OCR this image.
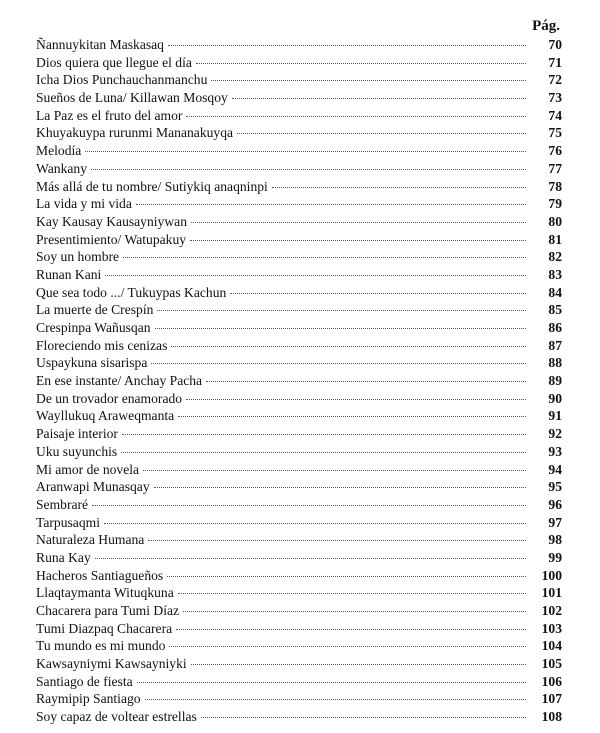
Pág.
Ñannuykitan Maskasaq	70
Dios quiera que llegue el día	71
Icha Dios Punchauchanmanchu	72
Sueños de Luna/ Killawan Mosqoy	73
La Paz es el fruto del amor	74
Khuyakuypa rurunmi Mananakuyqa	75
Melodía	76
Wankany	77
Más allá de tu nombre/ Sutiykiq anaqninpi	78
La vida y mi vida	79
Kay Kausay Kausayniywan	80
Presentimiento/ Watupakuy	81
Soy un hombre	82
Runan Kani	83
Que sea todo .../ Tukuypas Kachun	84
La muerte de Crespín	85
Crespinpa Wañusqan	86
Floreciendo mis cenizas	87
Uspaykuna sisarispa	88
En ese instante/ Anchay Pacha	89
De un trovador enamorado	90
Wayllukuq Araweqmanta	91
Paisaje interior	92
Uku suyunchis	93
Mi amor de novela	94
Aranwapi Munasqay	95
Sembraré	96
Tarpusaqmi	97
Naturaleza Humana	98
Runa Kay	99
Hacheros Santiagueños	100
Llaqtaymanta Wituqkuna	101
Chacarera para Tumi Díaz	102
Tumi Diazpaq Chacarera	103
Tu mundo es mi mundo	104
Kawsayniymi Kawsayniyki	105
Santiago de fiesta	106
Raymipip Santiago	107
Soy capaz de voltear estrellas	108
